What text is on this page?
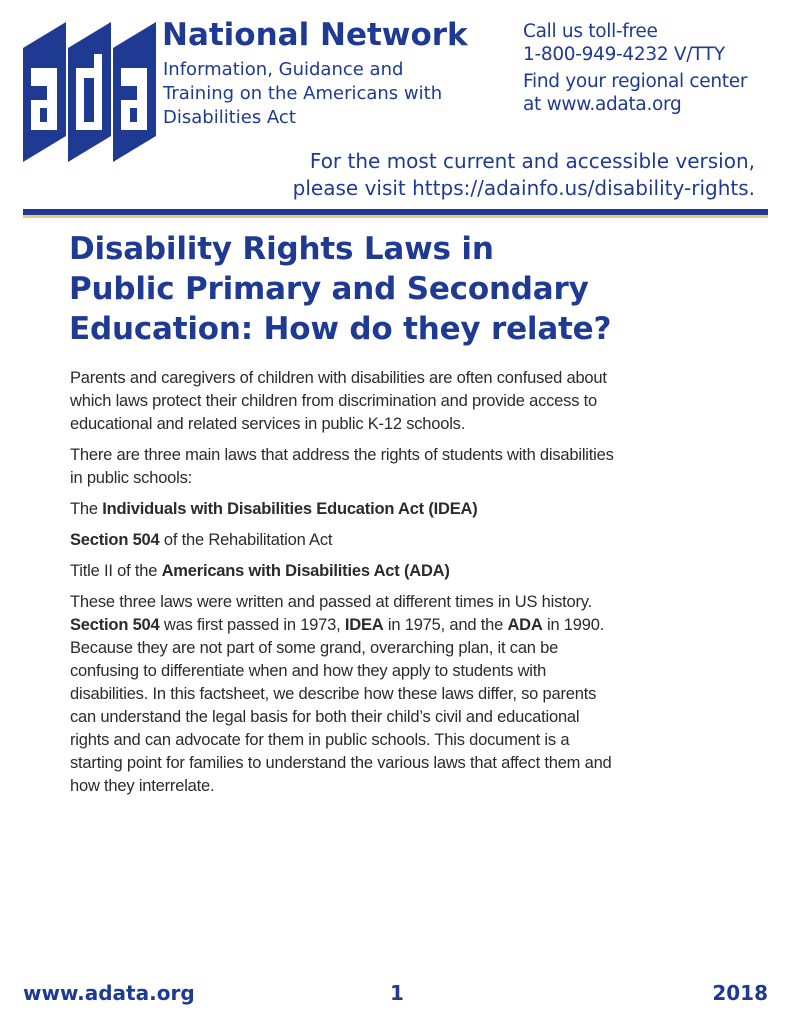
National Network
Information, Guidance and
Training on the Americans with
Disabilities Act
Call us toll-free
1-800-949-4232 V/TTY
Find your regional center
at www.adata.org
For the most current and accessible version,
please visit https://adainfo.us/disability-rights.
Disability Rights Laws in
Public Primary and Secondary
Education: How do they relate?

Parents and caregivers of children with disabilities are often confused about
which laws protect their children from discrimination and provide access to
educational and related services in public K-12 schools.

There are three main laws that address the rights of students with disabilities
in public schools:

The Individuals with Disabilities Education Act (IDEA)

Section 504 of the Rehabilitation Act

Title II of the Americans with Disabilities Act (ADA)

These three laws were written and passed at different times in US history.
Section 504 was first passed in 1973, IDEA in 1975, and the ADA in 1990.
Because they are not part of some grand, overarching plan, it can be
confusing to differentiate when and how they apply to students with
disabilities. In this factsheet, we describe how these laws differ, so parents
can understand the legal basis for both their child’s civil and educational
rights and can advocate for them in public schools. This document is a
starting point for families to understand the various laws that affect them and
how they interrelate.

www.adata.org	1	2018
